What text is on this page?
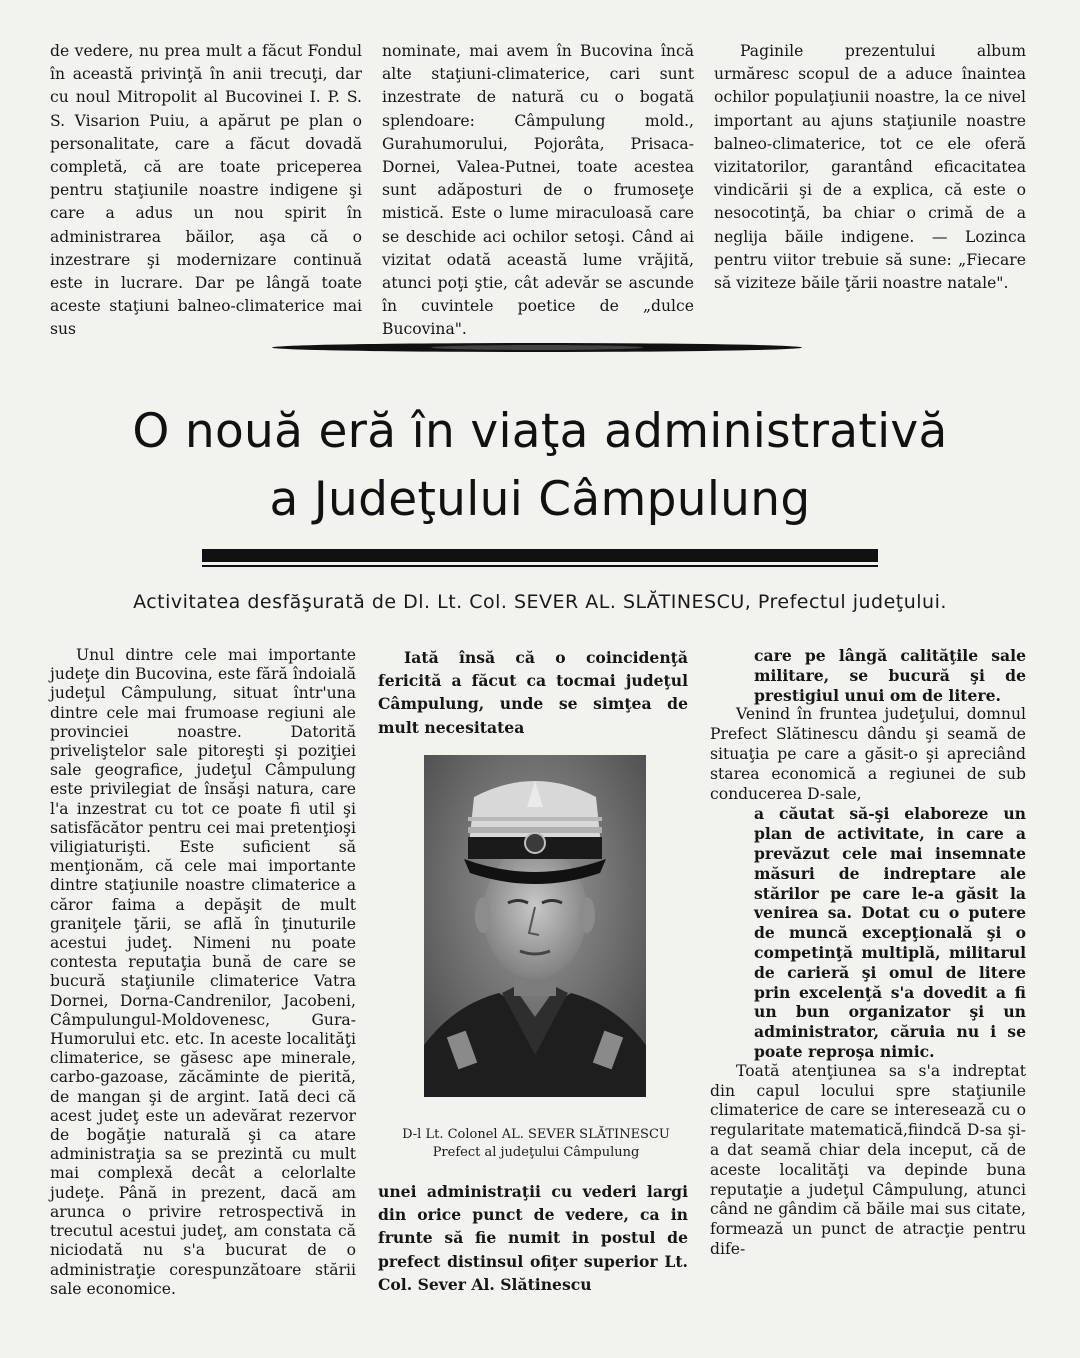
de vedere, nu prea mult a făcut Fondul în această privinţă în anii trecuţi, dar cu noul Mitropolit al Bucovinei I. P. S. S. Visarion Puiu, a apărut pe plan o personalitate, care a făcut dovadă completă, că are toate priceperea pentru staţiunile noastre indigene şi care a adus un nou spirit în administrarea băilor, aşa că o inzestrare şi modernizare continuă este in lucrare. Dar pe lângă toate aceste staţiuni balneo-climaterice mai sus

nominate, mai avem în Bucovina încă alte staţiuni-climaterice, cari sunt inzestrate de natură cu o bogată splendoare: Câmpulung mold., Gurahumorului, Pojorâta, Prisaca-Dornei, Valea-Putnei, toate acestea sunt adăposturi de o frumoseţe mistică. Este o lume miraculoasă care se deschide aci ochilor setoşi. Când ai vizitat odată această lume vrăjită, atunci poţi ştie, cât adevăr se ascunde în cuvintele poetice de „dulce Bucovina".

Paginile prezentului album urmăresc scopul de a aduce înaintea ochilor populaţiunii noastre, la ce nivel important au ajuns staţiunile noastre balneo-climaterice, tot ce ele oferă vizitatorilor, garantând eficacitatea vindicării şi de a explica, că este o nesocotinţă, ba chiar o crimă de a neglija băile indigene. — Lozinca pentru viitor trebuie să sune: „Fiecare să viziteze băile ţării noastre natale".

O nouă eră în viaţa administrativă
a Judeţului Câmpulung
Activitatea desfăşurată de Dl. Lt. Col. SEVER AL. SLĂTINESCU, Prefectul judeţului.

Unul dintre cele mai importante judeţe din Bucovina, este fără îndoială judeţul Câmpulung, situat într'una dintre cele mai frumoase regiuni ale provinciei noastre. Datorită priveliştelor sale pitoreşti şi poziţiei sale geografice, judeţul Câmpulung este privilegiat de însăşi natura, care l'a inzestrat cu tot ce poate fi util şi satisfăcător pentru cei mai pretenţioşi viligiaturişti. Este suficient să menţionăm, că cele mai importante dintre staţiunile noastre climaterice a căror faima a depăşit de mult graniţele ţării, se află în ţinuturile acestui judeţ. Nimeni nu poate contesta reputaţia bună de care se bucură staţiunile climaterice Vatra Dornei, Dorna-Candrenilor, Jacobeni, Câmpulungul-Moldovenesc, Gura-Humorului etc. etc. In aceste localităţi climaterice, se găsesc ape minerale, carbo-gazoase, zăcăminte de pierită, de mangan şi de argint. Iată deci că acest judeţ este un adevărat rezervor de bogăţie naturală şi ca atare administraţia sa se prezintă cu mult mai complexă decât a celorlalte judeţe. Până in prezent, dacă am arunca o privire retrospectivă in trecutul acestui judeţ, am constata că niciodată nu s'a bucurat de o administraţie corespunzătoare stării sale economice.

Iată însă că o coincidenţă fericită a făcut ca tocmai judeţul Câmpulung, unde se simţea de mult necesitatea

D-l Lt. Colonel AL. SEVER SLĂTINESCU
Prefect al judeţului Câmpulung

unei administraţii cu vederi largi din orice punct de vedere, ca in frunte să fie numit in postul de prefect distinsul ofiţer superior Lt. Col. Sever Al. Slătinescu

care pe lângă calităţile sale militare, se bucură şi de prestigiul unui om de litere.

Venind în fruntea judeţului, domnul Prefect Slătinescu dându şi seamă de situaţia pe care a găsit-o şi apreciând starea economică a regiunei de sub conducerea D-sale,

a căutat să-şi elaboreze un plan de activitate, in care a prevăzut cele mai insemnate măsuri de indreptare ale stărilor pe care le-a găsit la venirea sa. Dotat cu o putere de muncă excepţională şi o competinţă multiplă, militarul de carieră şi omul de litere prin excelenţă s'a dovedit a fi un bun organizator şi un administrator, căruia nu i se poate reproşa nimic.

Toată atenţiunea sa s'a indreptat din capul locului spre staţiunile climaterice de care se interesează cu o regularitate matematică,fiindcă D-sa şi-a dat seamă chiar dela inceput, că de aceste localităţi va depinde buna reputaţie a judeţul Câmpulung, atunci când ne gândim că băile mai sus citate, formează un punct de atracţie pentru dife-
